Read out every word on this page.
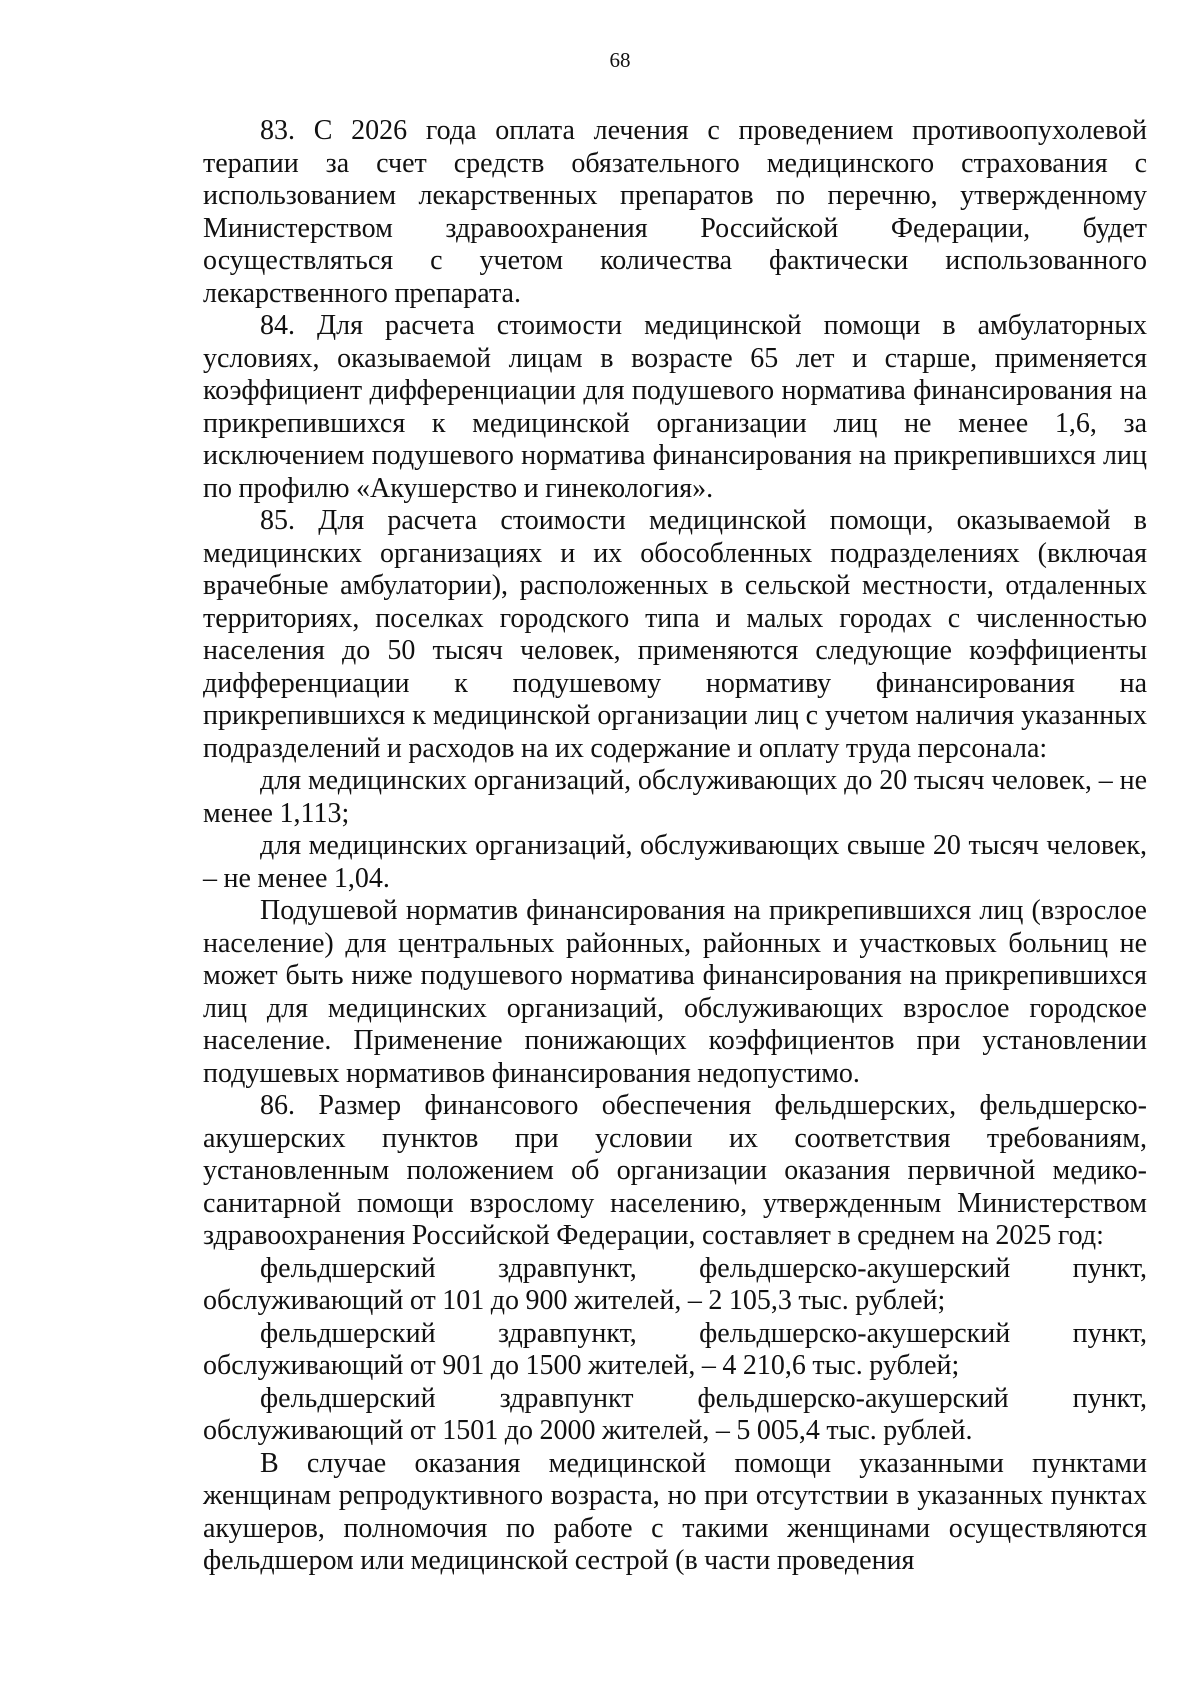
68

83. С 2026 года оплата лечения с проведением противоопухолевой терапии за счет средств обязательного медицинского страхования с использованием лекарственных препаратов по перечню, утвержденному Министерством здравоохранения Российской Федерации, будет осуществляться с учетом количества фактически использованного лекарственного препарата.

84. Для расчета стоимости медицинской помощи в амбулаторных условиях, оказываемой лицам в возрасте 65 лет и старше, применяется коэффициент дифференциации для подушевого норматива финансирования на прикрепившихся к медицинской организации лиц не менее 1,6, за исключением подушевого норматива финансирования на прикрепившихся лиц по профилю «Акушерство и гинекология».

85. Для расчета стоимости медицинской помощи, оказываемой в медицинских организациях и их обособленных подразделениях (включая врачебные амбулатории), расположенных в сельской местности, отдаленных территориях, поселках городского типа и малых городах с численностью населения до 50 тысяч человек, применяются следующие коэффициенты дифференциации к подушевому нормативу финансирования на прикрепившихся к медицинской организации лиц с учетом наличия указанных подразделений и расходов на их содержание и оплату труда персонала:

для медицинских организаций, обслуживающих до 20 тысяч человек, – не менее 1,113;

для медицинских организаций, обслуживающих свыше 20 тысяч человек, – не менее 1,04.

Подушевой норматив финансирования на прикрепившихся лиц (взрослое население) для центральных районных, районных и участковых больниц не может быть ниже подушевого норматива финансирования на прикрепившихся лиц для медицинских организаций, обслуживающих взрослое городское население. Применение понижающих коэффициентов при установлении подушевых нормативов финансирования недопустимо.

86. Размер финансового обеспечения фельдшерских, фельдшерско-акушерских пунктов при условии их соответствия требованиям, установленным положением об организации оказания первичной медико-санитарной помощи взрослому населению, утвержденным Министерством здравоохранения Российской Федерации, составляет в среднем на 2025 год:

фельдшерский здравпункт, фельдшерско-акушерский пункт, обслуживающий от 101 до 900 жителей, – 2 105,3 тыс. рублей;

фельдшерский здравпункт, фельдшерско-акушерский пункт, обслуживающий от 901 до 1500 жителей, – 4 210,6 тыс. рублей;

фельдшерский здравпункт фельдшерско-акушерский пункт, обслуживающий от 1501 до 2000 жителей, – 5 005,4 тыс. рублей.

В случае оказания медицинской помощи указанными пунктами женщинам репродуктивного возраста, но при отсутствии в указанных пунктах акушеров, полномочия по работе с такими женщинами осуществляются фельдшером или медицинской сестрой (в части проведения
